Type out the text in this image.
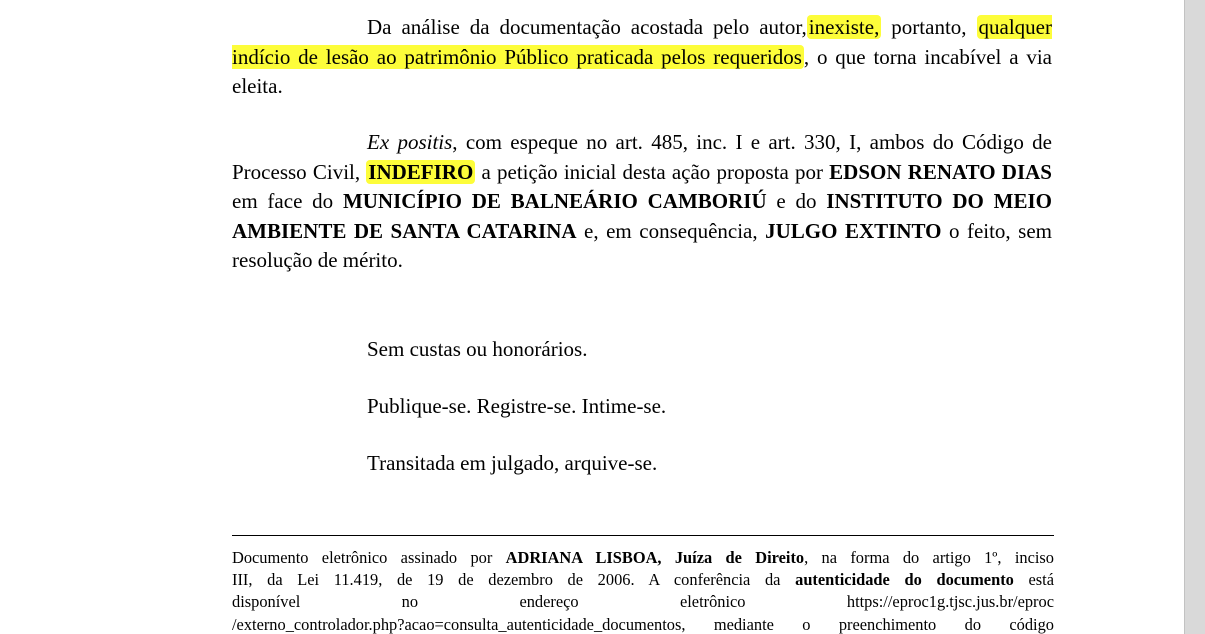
Da análise da documentação acostada pelo autor,inexiste, portanto, qualquer indício de lesão ao patrimônio Público praticada pelos requeridos, o que torna incabível a via eleita.
Ex positis, com espeque no art. 485, inc. I e art. 330, I, ambos do Código de Processo Civil, INDEFIRO a petição inicial desta ação proposta por EDSON RENATO DIAS em face do MUNICÍPIO DE BALNEÁRIO CAMBORIÚ e do INSTITUTO DO MEIO AMBIENTE DE SANTA CATARINA e, em consequência, JULGO EXTINTO o feito, sem resolução de mérito.
Sem custas ou honorários.
Publique-se. Registre-se. Intime-se.
Transitada em julgado, arquive-se.
Documento eletrônico assinado por ADRIANA LISBOA, Juíza de Direito, na forma do artigo 1º, inciso
III, da Lei 11.419, de 19 de dezembro de 2006. A conferência da autenticidade do documento está
disponível	no	endereço	eletrônico	https://eproc1g.tjsc.jus.br/eproc
/externo_controlador.php?acao=consulta_autenticidade_documentos, mediante o preenchimento do código
